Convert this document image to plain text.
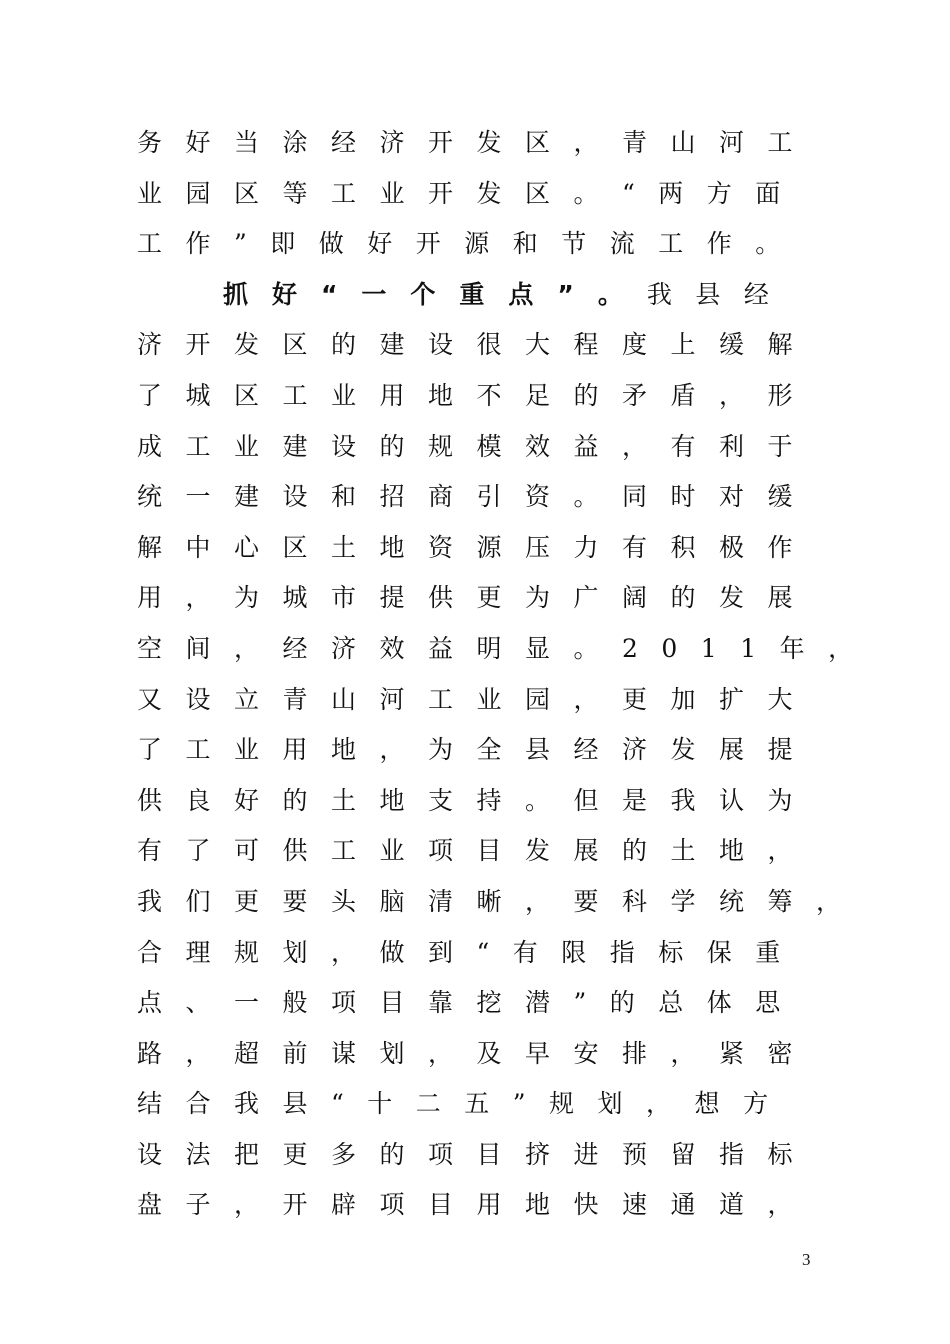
务好当涂经济开发区，青山河工
业园区等工业开发区。“两方面
工作”即做好开源和节流工作。
抓好“一个重点”。我县经
济开发区的建设很大程度上缓解
了城区工业用地不足的矛盾，形
成工业建设的规模效益，有利于
统一建设和招商引资。同时对缓
解中心区土地资源压力有积极作
用，为城市提供更为广阔的发展
空间，经济效益明显。2011年，
又设立青山河工业园，更加扩大
了工业用地，为全县经济发展提
供良好的土地支持。但是我认为
有了可供工业项目发展的土地，
我们更要头脑清晰，要科学统筹，
合理规划，做到“有限指标保重
点、一般项目靠挖潜”的总体思
路，超前谋划，及早安排，紧密
结合我县“十二五”规划，想方
设法把更多的项目挤进预留指标
盘子，开辟项目用地快速通道，
3
